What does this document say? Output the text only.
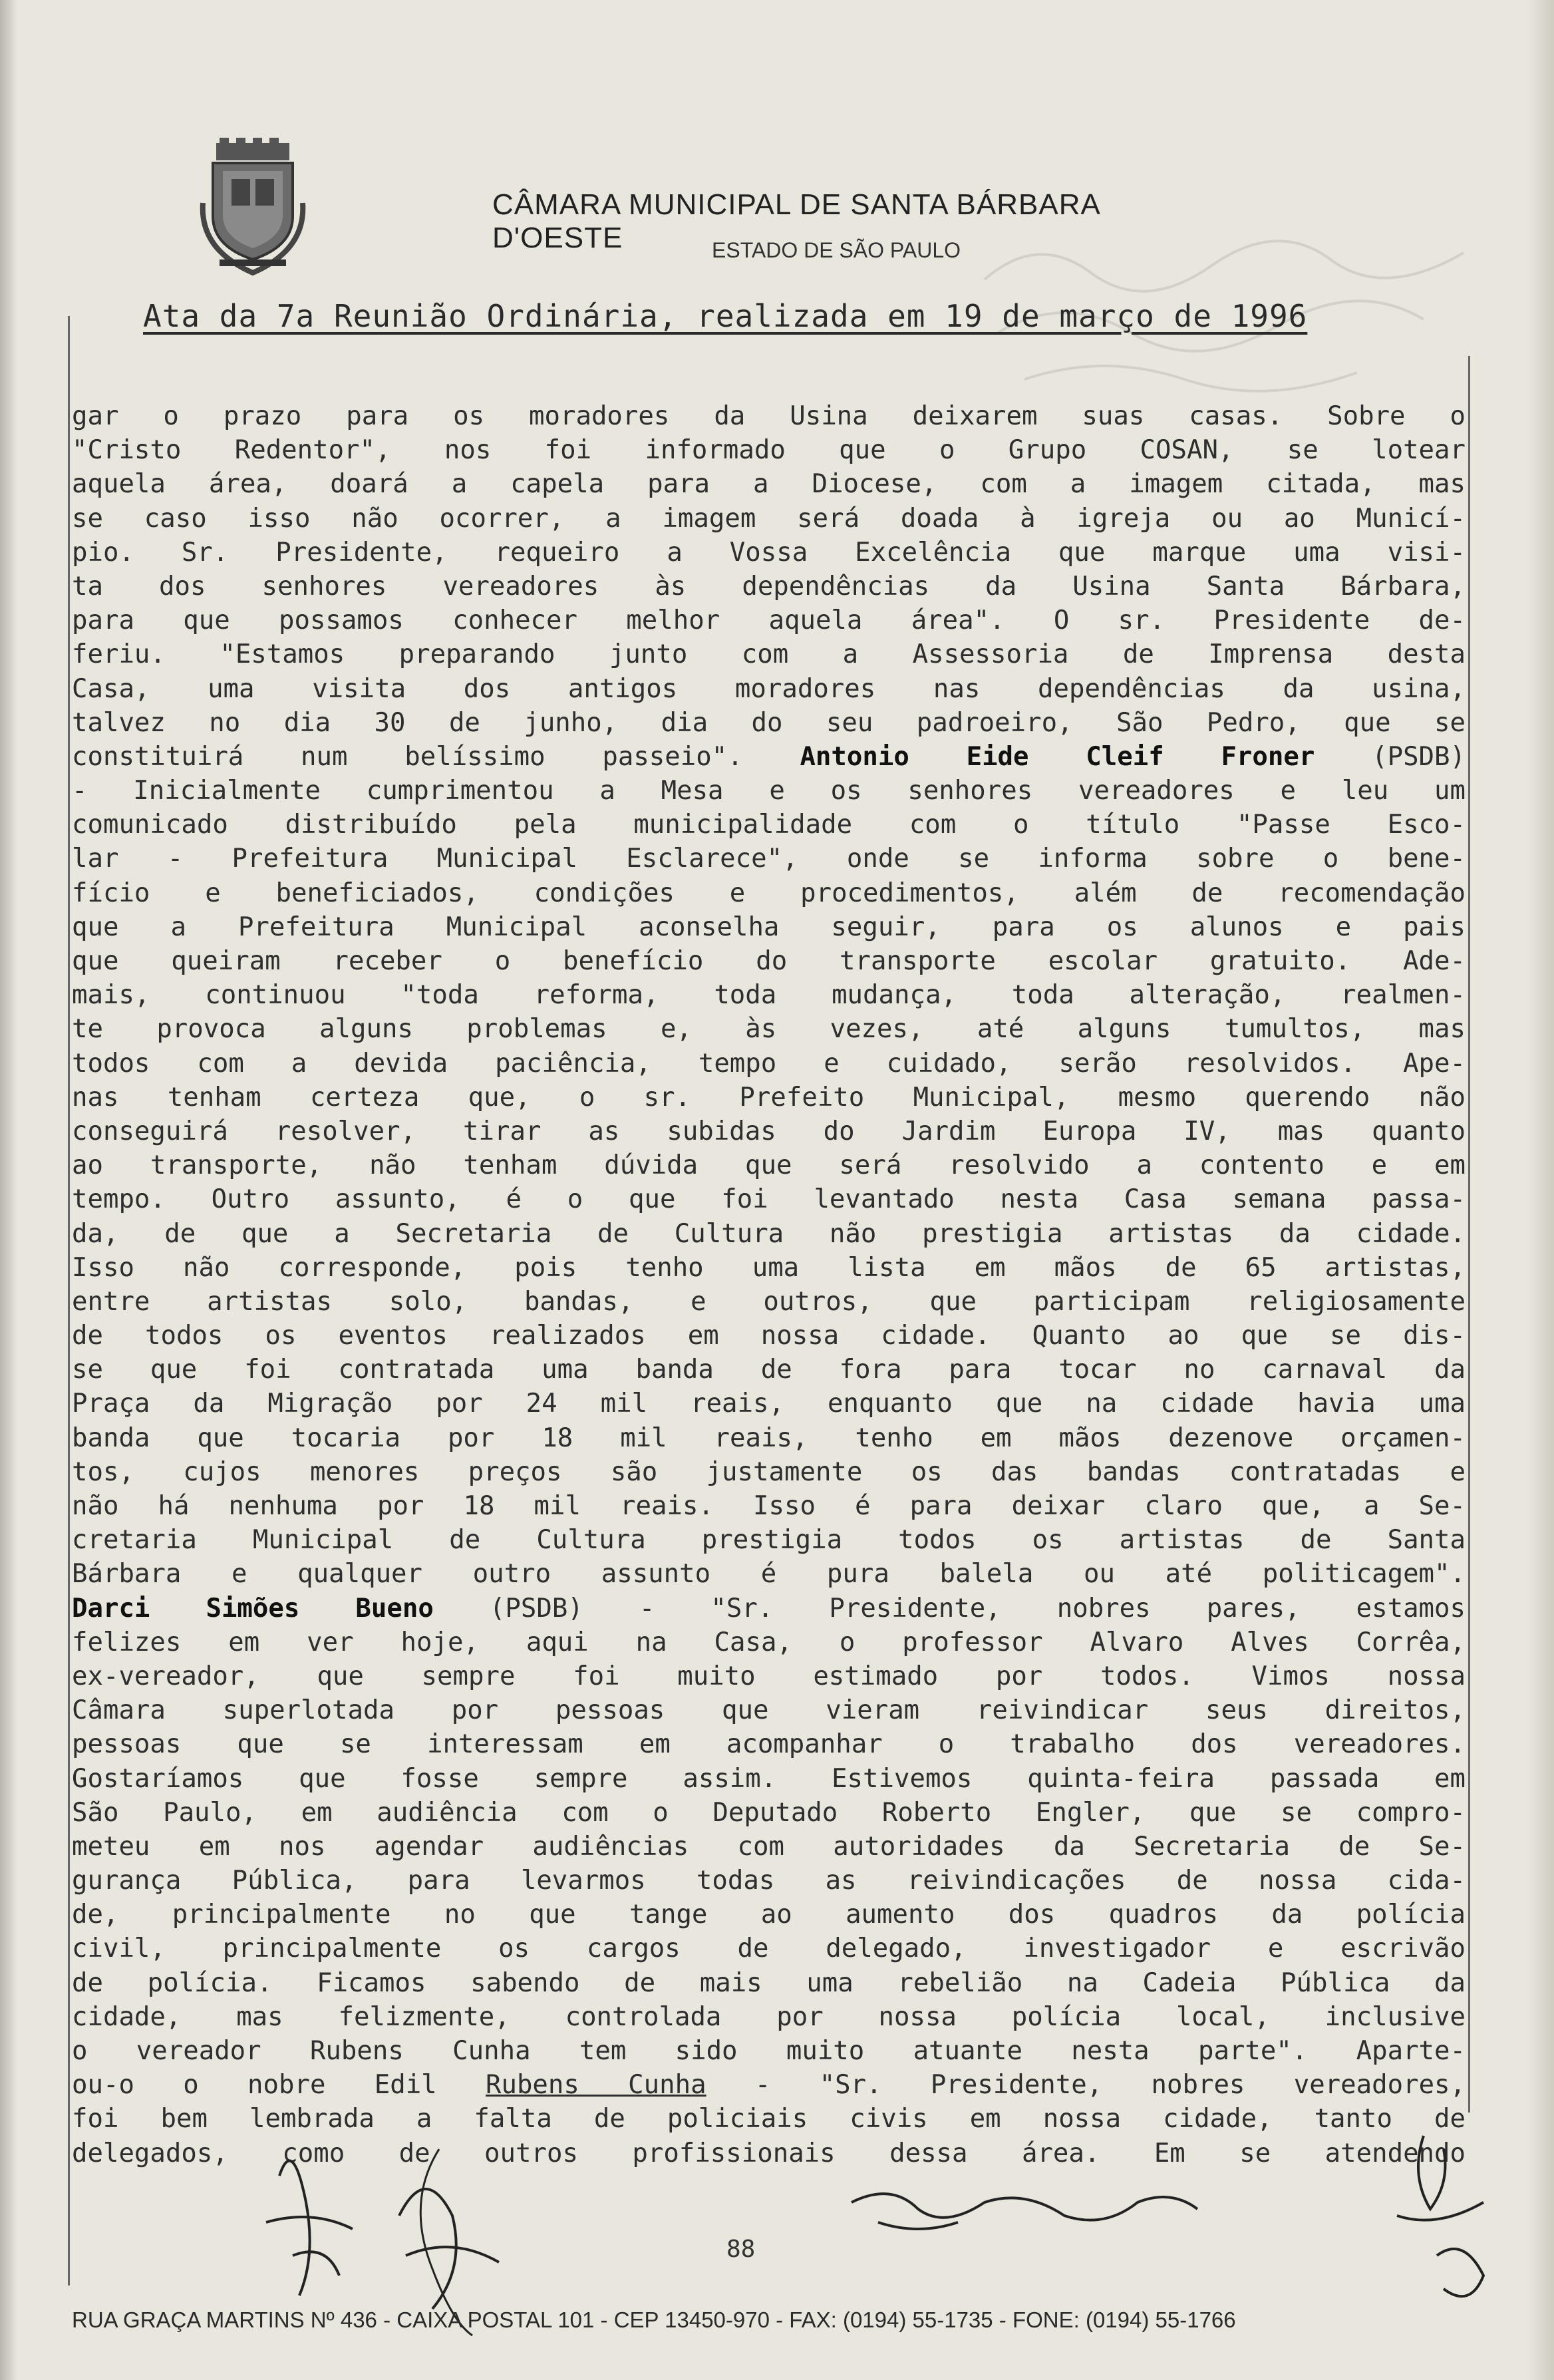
CÂMARA MUNICIPAL DE SANTA BÁRBARA D'OESTE	ESTADO DE SÃO PAULO
Ata da 7a Reunião Ordinária, realizada em 19 de março de 1996
gar o prazo para os moradores da Usina deixarem suas casas. Sobre o
"Cristo Redentor", nos foi informado que o Grupo COSAN, se lotear
aquela área, doará a capela para a Diocese, com a imagem citada, mas
se caso isso não ocorrer, a imagem será doada à igreja ou ao Municí-
pio. Sr. Presidente, requeiro a Vossa Excelência que marque uma visi-
ta dos senhores vereadores às dependências da Usina Santa Bárbara,
para que possamos conhecer melhor aquela área". O sr. Presidente de-
feriu. "Estamos preparando junto com a Assessoria de Imprensa desta
Casa, uma visita dos antigos moradores nas dependências da usina,
talvez no dia 30 de junho, dia do seu padroeiro, São Pedro, que se
constituirá num belíssimo passeio". Antonio Eide Cleif Froner (PSDB)
- Inicialmente cumprimentou a Mesa e os senhores vereadores e leu um
comunicado distribuído pela municipalidade com o título "Passe Esco-
lar - Prefeitura Municipal Esclarece", onde se informa sobre o bene-
fício e beneficiados, condições e procedimentos, além de recomendação
que a Prefeitura Municipal aconselha seguir, para os alunos e pais
que queiram receber o benefício do transporte escolar gratuito. Ade-
mais, continuou "toda reforma, toda mudança, toda alteração, realmen-
te provoca alguns problemas e, às vezes, até alguns tumultos, mas
todos com a devida paciência, tempo e cuidado, serão resolvidos. Ape-
nas tenham certeza que, o sr. Prefeito Municipal, mesmo querendo não
conseguirá resolver, tirar as subidas do Jardim Europa IV, mas quanto
ao transporte, não tenham dúvida que será resolvido a contento e em
tempo. Outro assunto, é o que foi levantado nesta Casa semana passa-
da, de que a Secretaria de Cultura não prestigia artistas da cidade.
Isso não corresponde, pois tenho uma lista em mãos de 65 artistas,
entre artistas solo, bandas, e outros, que participam religiosamente
de todos os eventos realizados em nossa cidade. Quanto ao que se dis-
se que foi contratada uma banda de fora para tocar no carnaval da
Praça da Migração por 24 mil reais, enquanto que na cidade havia uma
banda que tocaria por 18 mil reais, tenho em mãos dezenove orçamen-
tos, cujos menores preços são justamente os das bandas contratadas e
não há nenhuma por 18 mil reais. Isso é para deixar claro que, a Se-
cretaria Municipal de Cultura prestigia todos os artistas de Santa
Bárbara e qualquer outro assunto é pura balela ou até politicagem".
Darci Simões Bueno (PSDB) - "Sr. Presidente, nobres pares, estamos
felizes em ver hoje, aqui na Casa, o professor Alvaro Alves Corrêa,
ex-vereador, que sempre foi muito estimado por todos. Vimos nossa
Câmara superlotada por pessoas que vieram reivindicar seus direitos,
pessoas que se interessam em acompanhar o trabalho dos vereadores.
Gostaríamos que fosse sempre assim. Estivemos quinta-feira passada em
São Paulo, em audiência com o Deputado Roberto Engler, que se compro-
meteu em nos agendar audiências com autoridades da Secretaria de Se-
gurança Pública, para levarmos todas as reivindicações de nossa cida-
de, principalmente no que tange ao aumento dos quadros da polícia
civil, principalmente os cargos de delegado, investigador e escrivão
de polícia. Ficamos sabendo de mais uma rebelião na Cadeia Pública da
cidade, mas felizmente, controlada por nossa polícia local, inclusive
o vereador Rubens Cunha tem sido muito atuante nesta parte". Aparte-
ou-o o nobre Edil Rubens Cunha - "Sr. Presidente, nobres vereadores,
foi bem lembrada a falta de policiais civis em nossa cidade, tanto de
delegados, como de outros profissionais dessa área. Em se atendendo
88
RUA GRAÇA MARTINS Nº 436 - CAIXA POSTAL 101 - CEP 13450-970 - FAX: (0194) 55-1735 - FONE: (0194) 55-1766
